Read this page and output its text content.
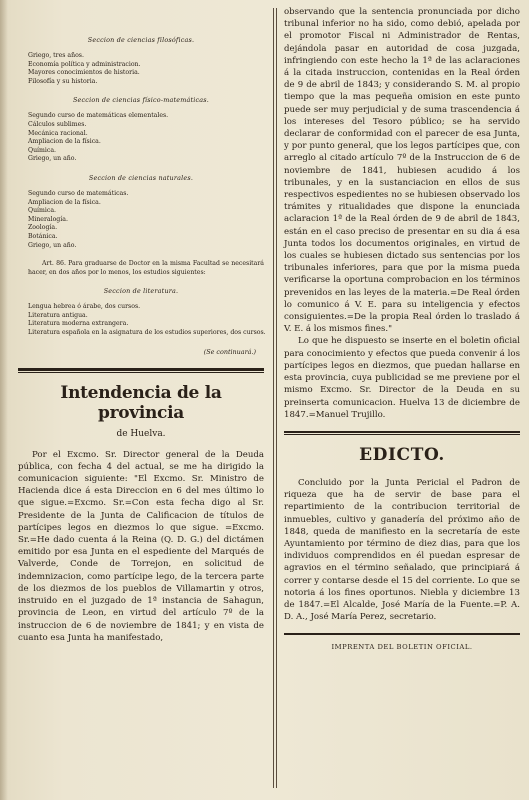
Seccion de ciencias filosóficas.
Griego, tres años.
Economía política y administracion.
Mayores conocimientos de historia.
Filosofía y su historia.
Seccion de ciencias físico-matemáticas.
Segundo curso de matemáticas elementales.
Cálculos sublimes.
Mecánica racional.
Ampliacion de la física.
Química.
Griego, un año.
Seccion de ciencias naturales.
Segundo curso de matemáticas.
Ampliacion de la física.
Química.
Mineralogía.
Zoología.
Botánica.
Griego, un año.
Art. 86. Para graduarse de Doctor en la misma Facultad se necesitará hacer, en dos años por lo menos, los estudios siguientes:
Seccion de literatura.
Lengua hebrea ó árabe, dos cursos.
Literatura antigua.
Literatura moderna extrangera.
Literatura española en la asignatura de los estudios superiores, dos cursos.
(Se continuará.)
Intendencia de la provincia
de Huelva.

Por el Excmo. Sr. Director general de la Deuda pública, con fecha 4 del actual, se me ha dirigido la comunicacion siguiente: "El Excmo. Sr. Ministro de Hacienda dice á esta Direccion en 6 del mes último lo que sigue.=Excmo. Sr.=Con esta fecha digo al Sr. Presidente de la Junta de Calificacion de títulos de partícipes legos en diezmos lo que sigue. =Excmo. Sr.=He dado cuenta á la Reina (Q. D. G.) del dictámen emitido por esa Junta en el espediente del Marqués de Valverde, Conde de Torrejon, en solicitud de indemnizacion, como partícipe lego, de la tercera parte de los diezmos de los pueblos de Villamartin y otros, instruido en el juzgado de 1ª instancia de Sahagun, provincia de Leon, en virtud del artículo 7º de la instruccion de 6 de noviembre de 1841; y en vista de cuanto esa Junta ha manifestado,

observando que la sentencia pronunciada por dicho tribunal inferior no ha sido, como debió, apelada por el promotor Fiscal ni Administrador de Rentas, dejándola pasar en autoridad de cosa juzgada, infringiendo con este hecho la 1ª de las aclaraciones á la citada instruccion, contenidas en la Real órden de 9 de abril de 1843; y considerando S. M. al propio tiempo que la mas pequeña omision en este punto puede ser muy perjudicial y de suma trascendencia á los intereses del Tesoro público; se ha servido declarar de conformidad con el parecer de esa Junta, y por punto general, que los legos partícipes que, con arreglo al citado artículo 7º de la Instruccion de 6 de noviembre de 1841, hubiesen acudido á los tribunales, y en la sustanciacion en ellos de sus respectivos espedientes no se hubiesen observado los trámites y ritualidades que dispone la enunciada aclaracion 1ª de la Real órden de 9 de abril de 1843, están en el caso preciso de presentar en su dia á esa Junta todos los documentos originales, en virtud de los cuales se hubiesen dictado sus sentencias por los tribunales inferiores, para que por la misma pueda verificarse la oportuna comprobacion en los términos prevenidos en las leyes de la materia.=De Real órden lo comunico á V. E. para su inteligencia y efectos consiguientes.=De la propia Real órden lo traslado á V. E. á los mismos fines."

Lo que he dispuesto se inserte en el boletin oficial para conocimiento y efectos que pueda convenir á los partícipes legos en diezmos, que puedan hallarse en esta provincia, cuya publicidad se me previene por el mismo Excmo. Sr. Director de la Deuda en su preinserta comunicacion. Huelva 13 de diciembre de 1847.=Manuel Trujillo.

EDICTO.

Concluido por la Junta Pericial el Padron de riqueza que ha de servir de base para el repartimiento de la contribucion territorial de inmuebles, cultivo y ganadería del próximo año de 1848, queda de manifiesto en la secretaría de este Ayuntamiento por término de diez dias, para que los individuos comprendidos en él puedan espresar de agravios en el término señalado, que principiará á correr y contarse desde el 15 del corriente. Lo que se notoria á los fines oportunos. Niebla y diciembre 13 de 1847.=El Alcalde, José María de la Fuente.=P. A. D. A., José María Perez, secretario.

IMPRENTA DEL BOLETIN OFICIAL.
